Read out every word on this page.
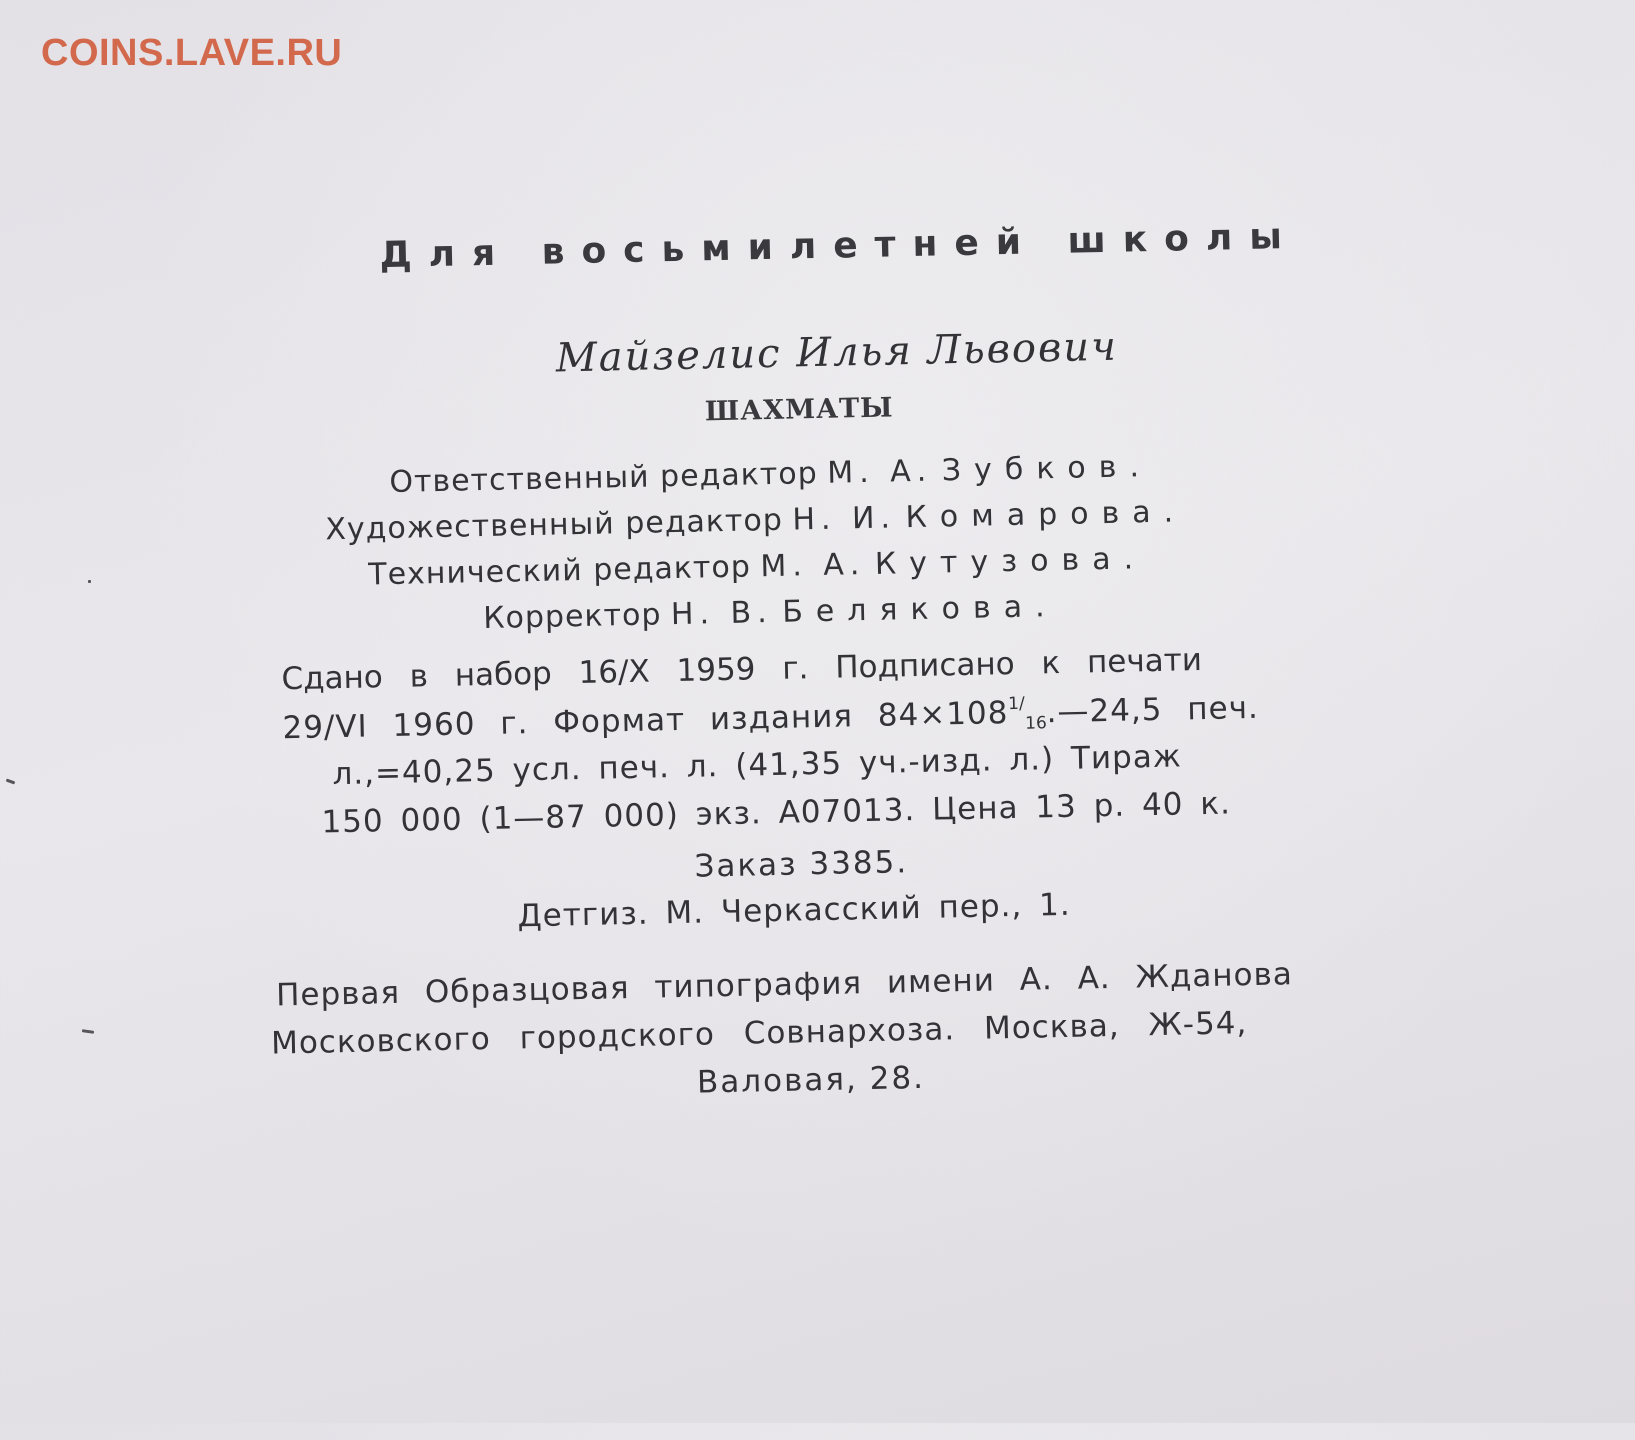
COINS.LAVE.RU
Для восьмилетней школы
Майзелис Илья Львович
ШАХМАТЫ
Ответственный редактор М. А. Зубков.
Художественный редактор Н. И. Комарова.
Технический редактор М. А. Кутузова.
Корректор Н. В. Белякова.
Сдано в набор 16/X 1959 г. Подписано к печати
29/VI 1960 г. Формат издания $84\times 108^{1/}16.—24,5$ печ.
л.,=40,25 усл. печ. л. (41,35 уч.-изд. л.) Тираж
150 000 (1—87 000) экз. А07013. Цена 13 р. 40 к.
Заказ 3385.
Детгиз. М. Черкасский пер., 1.
Первая Образцовая типография имени А. А. Жданова
Московского городского Совнархоза. Москва, Ж-54,
Валовая, 28.
